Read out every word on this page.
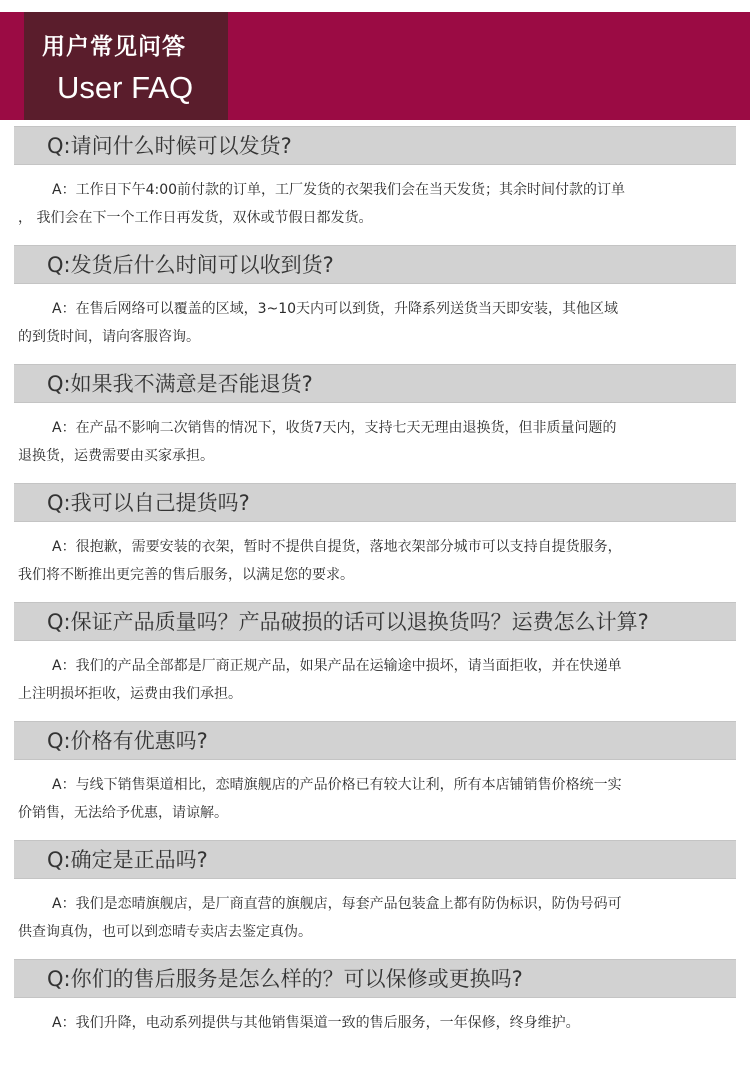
用户常见问答
User FAQ
Q:请问什么时候可以发货?
A：工作日下午4:00前付款的订单，工厂发货的衣架我们会在当天发货；其余时间付款的订单
， 我们会在下一个工作日再发货，双休或节假日都发货。
Q:发货后什么时间可以收到货?
A：在售后网络可以覆盖的区域，3~10天内可以到货，升降系列送货当天即安装，其他区域
的到货时间，请向客服咨询。
Q:如果我不满意是否能退货?
A：在产品不影响二次销售的情况下，收货7天内，支持七天无理由退换货，但非质量问题的
退换货，运费需要由买家承担。
Q:我可以自己提货吗?
A：很抱歉，需要安装的衣架，暂时不提供自提货，落地衣架部分城市可以支持自提货服务，
我们将不断推出更完善的售后服务，以满足您的要求。
Q:保证产品质量吗？产品破损的话可以退换货吗？运费怎么计算?
A：我们的产品全部都是厂商正规产品，如果产品在运输途中损坏，请当面拒收，并在快递单
上注明损坏拒收，运费由我们承担。
Q:价格有优惠吗?
A：与线下销售渠道相比，恋晴旗舰店的产品价格已有较大让利，所有本店铺销售价格统一实
价销售，无法给予优惠，请谅解。
Q:确定是正品吗?
A：我们是恋晴旗舰店，是厂商直营的旗舰店，每套产品包装盒上都有防伪标识，防伪号码可
供查询真伪，也可以到恋晴专卖店去鉴定真伪。
Q:你们的售后服务是怎么样的？可以保修或更换吗?
A：我们升降，电动系列提供与其他销售渠道一致的售后服务，一年保修，终身维护。
